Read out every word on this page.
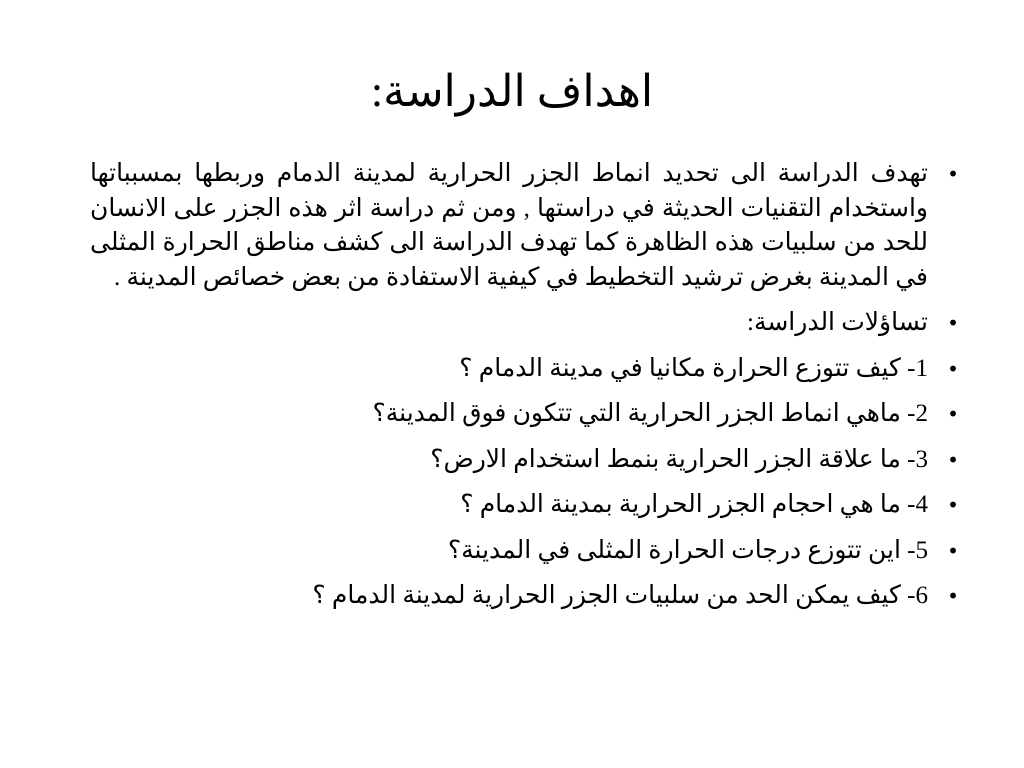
اهداف الدراسة:
•
تهدف الدراسة الى تحديد انماط الجزر الحرارية لمدينة الدمام وربطها بمسبباتها واستخدام التقنيات الحديثة في دراستها , ومن ثم دراسة اثر هذه الجزر على الانسان للحد من سلبيات هذه الظاهرة كما تهدف الدراسة الى كشف مناطق الحرارة المثلى في المدينة بغرض ترشيد التخطيط في كيفية الاستفادة من بعض خصائص المدينة .
•
تساؤلات الدراسة:
•
1- كيف تتوزع الحرارة مكانيا في مدينة الدمام ؟
•
2- ماهي انماط الجزر الحرارية التي تتكون فوق المدينة؟
•
3- ما علاقة الجزر الحرارية بنمط استخدام الارض؟
•
4- ما هي احجام الجزر الحرارية بمدينة الدمام ؟
•
5- اين تتوزع درجات الحرارة المثلى في المدينة؟
•
6- كيف يمكن الحد من سلبيات الجزر الحرارية لمدينة الدمام ؟
